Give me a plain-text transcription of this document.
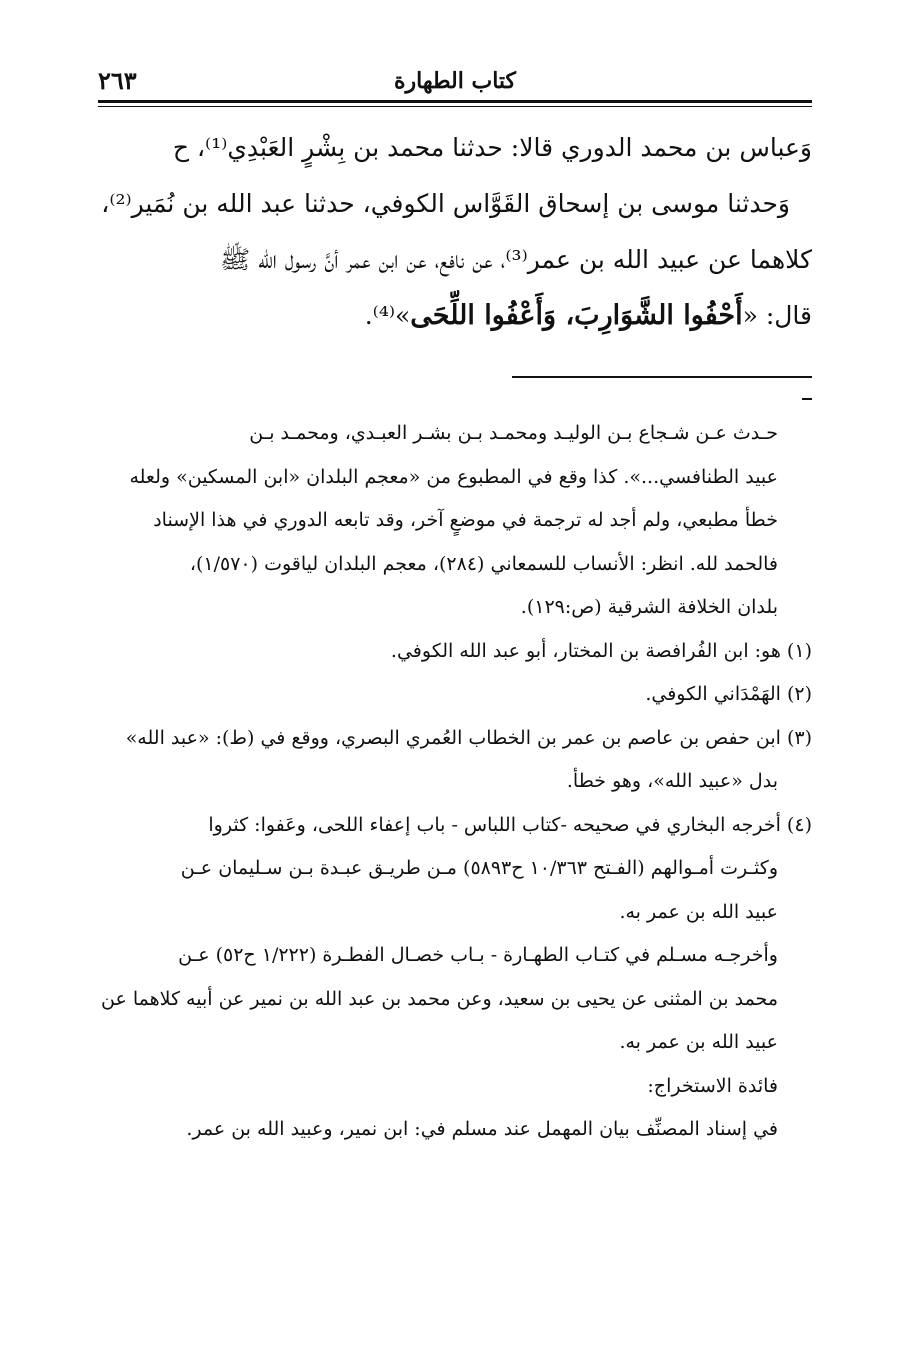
٢٦٣	كتاب الطهارة

وَعباس بن محمد الدوري قالا: حدثنا محمد بن بِشْرٍ العَبْدِي⁽¹⁾، ح

وَحدثنا موسى بن إسحاق القَوَّاس الكوفي، حدثنا عبد الله بن نُمَير⁽²⁾،

كلاهما عن عبيد الله بن عمر⁽³⁾، عن نافع، عن ابن عمر أنَّ رسول الله ﷺ

قال: «أَحْفُوا الشَّوَارِبَ، وَأَعْفُوا اللِّحَى»⁽⁴⁾.

حـدث عـن شـجاع بـن الوليـد ومحمـد بـن بشـر العبـدي، ومحمـد بـن

عبيد الطنافسي...». كذا وقع في المطبوع من «معجم البلدان «ابن المسكين» ولعله

خطأ مطبعي، ولم أجد له ترجمة في موضعٍ آخر، وقد تابعه الدوري في هذا الإسناد

فالحمد لله. انظر: الأنساب للسمعاني (٢٨٤)، معجم البلدان لياقوت (١/٥٧٠)،

بلدان الخلافة الشرقية (ص:١٢٩).

(١) هو: ابن الفُرافصة بن المختار، أبو عبد الله الكوفي.

(٢) الهَمْدَاني الكوفي.

(٣) ابن حفص بن عاصم بن عمر بن الخطاب العُمري البصري، ووقع في (ط): «عبد الله»

بدل «عبيد الله»، وهو خطأ.

(٤) أخرجه البخاري في صحيحه -كتاب اللباس - باب إعفاء اللحى، وعَفوا: كثروا

وكثـرت أمـوالهم (الفـتح ١٠/٣٦٣ ح٥٨٩٣) مـن طريـق عبـدة بـن سـليمان عـن

عبيد الله بن عمر به.

وأخرجـه مسـلم في كتـاب الطهـارة - بـاب خصـال الفطـرة (١/٢٢٢ ح٥٢) عـن

محمد بن المثنى عن يحيى بن سعيد، وعن محمد بن عبد الله بن نمير عن أبيه كلاهما عن

عبيد الله بن عمر به.

فائدة الاستخراج:

في إسناد المصنِّف بيان المهمل عند مسلم في: ابن نمير، وعبيد الله بن عمر.
